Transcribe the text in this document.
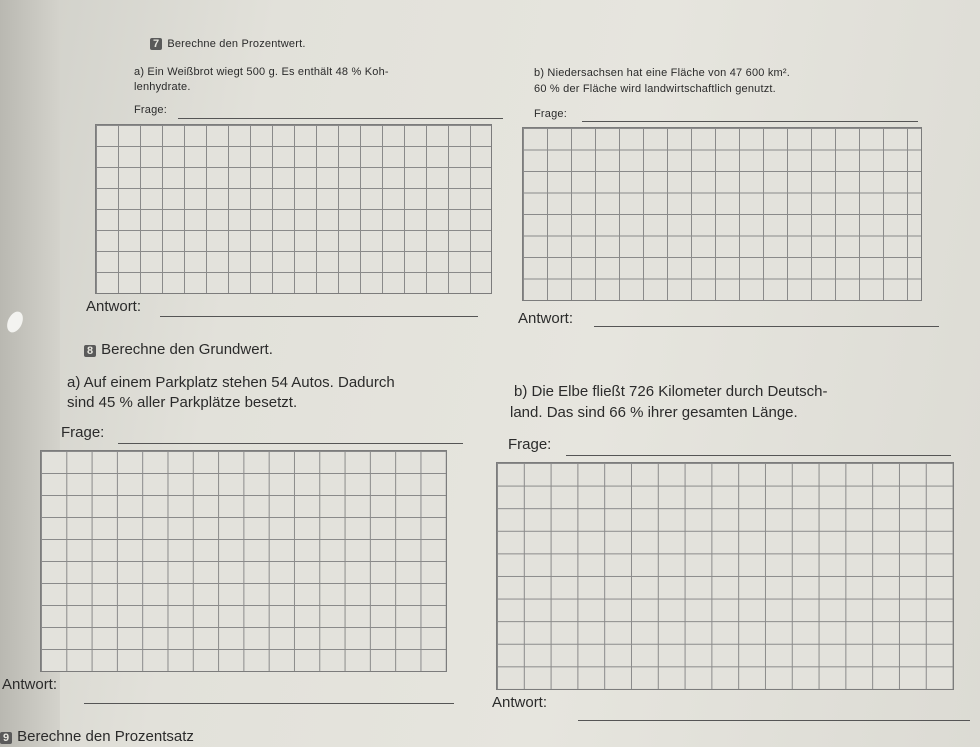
7 Berechne den Prozentwert.
a) Ein Weißbrot wiegt 500 g. Es enthält 48 % Koh-
lenhydrate.
b) Niedersachsen hat eine Fläche von 47 600 km².
60 % der Fläche wird landwirtschaftlich genutzt.
Frage:	Frage:
Antwort:
Antwort:
8 Berechne den Grundwert.
a) Auf einem Parkplatz stehen 54 Autos. Dadurch
sind 45 % aller Parkplätze besetzt.
b) Die Elbe fließt 726 Kilometer durch Deutsch-
land. Das sind 66 % ihrer gesamten Länge.
Frage:
Frage:
Antwort:
Antwort:
9 Berechne den Prozentsatz
